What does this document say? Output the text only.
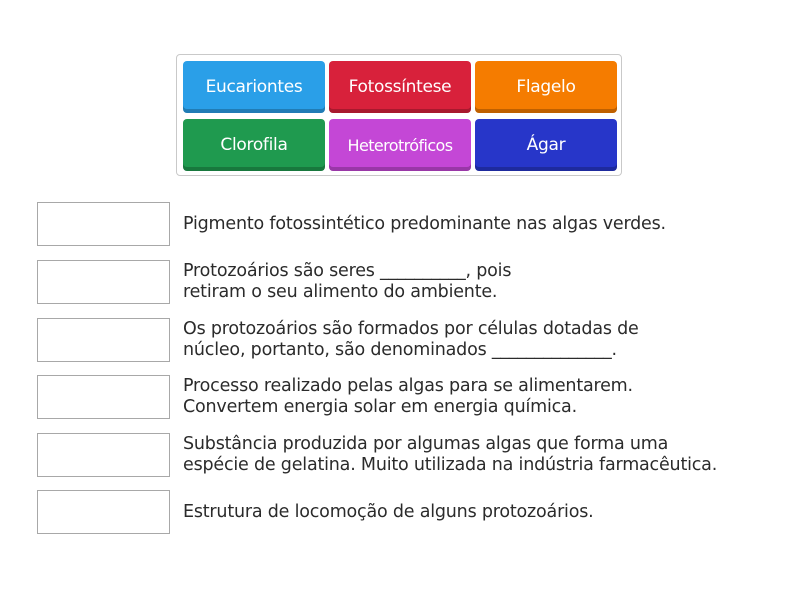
Eucariontes	Fotossíntese	Flagelo
Clorofila	Heterotróficos	Ágar
Pigmento fotossintético predominante nas algas verdes.
Protozoários são seres __________, pois
retiram o seu alimento do ambiente.
Os protozoários são formados por células dotadas de
núcleo, portanto, são denominados ______________.
Processo realizado pelas algas para se alimentarem.
Convertem energia solar em energia química.
Substância produzida por algumas algas que forma uma
espécie de gelatina. Muito utilizada na indústria farmacêutica.
Estrutura de locomoção de alguns protozoários.
